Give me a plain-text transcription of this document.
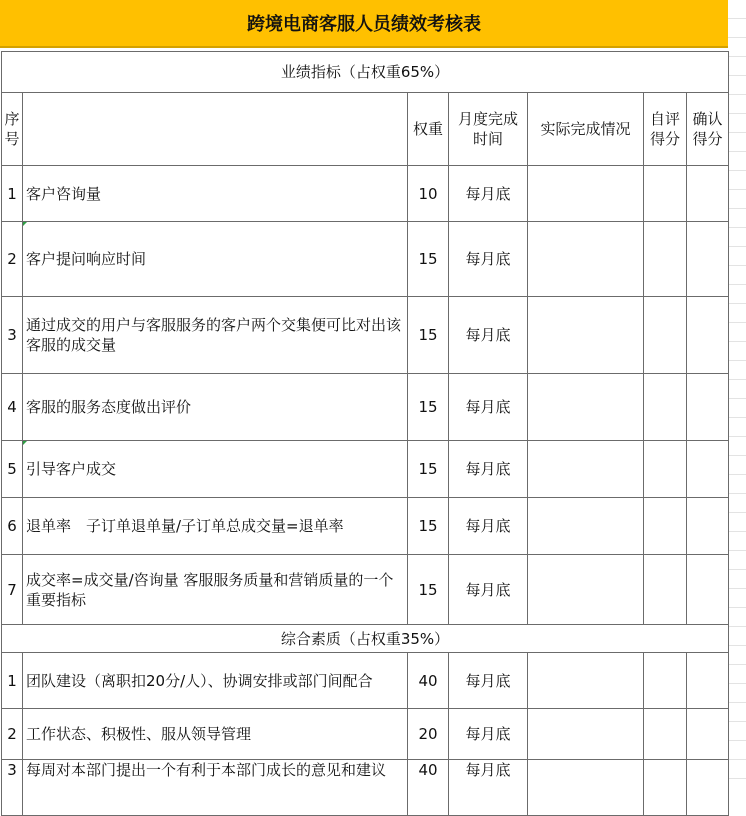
跨境电商客服人员绩效考核表
业绩指标（占权重65%）						
序号		权重	月度完成时间	实际完成情况	自评得分	确认得分
1	客户咨询量	10	每月底			
2	客户提问响应时间	15	每月底			
3	通过成交的用户与客服服务的客户两个交集便可比对出该客服的成交量	15	每月底			
4	客服的服务态度做出评价	15	每月底			
5	引导客户成交	15	每月底			
6	退单率　子订单退单量/子订单总成交量=退单率	15	每月底			
7	成交率=成交量/咨询量 客服服务质量和营销质量的一个重要指标	15	每月底			
综合素质（占权重35%）						
1	团队建设（离职扣20分/人）、协调安排或部门间配合	40	每月底			
2	工作状态、积极性、服从领导管理	20	每月底			
3	每周对本部门提出一个有利于本部门成长的意见和建议	40	每月底			
